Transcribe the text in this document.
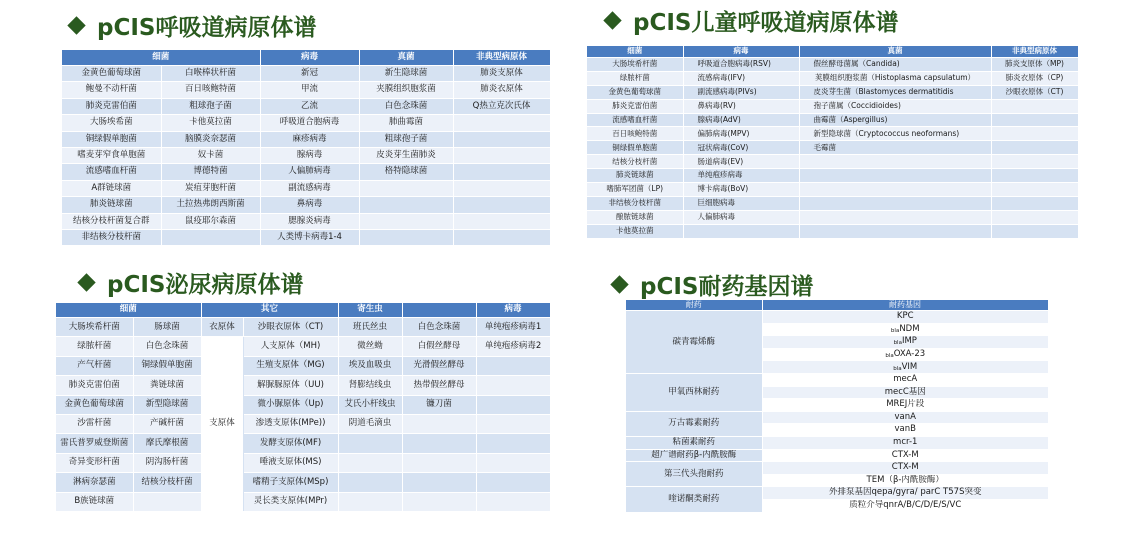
pCIS呼吸道病原体谱
细菌		病毒	真菌	非典型病原体
金黄色葡萄球菌	白喉棒状杆菌	新冠	新生隐球菌	肺炎支原体
鲍曼不动杆菌	百日咳鲍特菌	甲流	夹膜组织胞浆菌	肺炎衣原体
肺炎克雷伯菌	粗球孢子菌	乙流	白色念珠菌	Q热立克次氏体
大肠埃希菌	卡他莫拉菌	呼吸道合胞病毒	肺曲霉菌	
铜绿假单胞菌	脑膜炎奈瑟菌	麻疹病毒	粗球孢子菌	
嗜麦芽窄食单胞菌	奴卡菌	腺病毒	皮炎芽生菌肺炎	
流感嗜血杆菌	博德特菌	人偏肺病毒	格特隐球菌	
A群链球菌	炭疽芽胞杆菌	副流感病毒		
肺炎链球菌	土拉热弗朗西斯菌	鼻病毒		
结核分枝杆菌复合群	鼠疫耶尔森菌	腮腺炎病毒		
非结核分枝杆菌		人类博卡病毒1-4		
pCIS儿童呼吸道病原体谱
细菌	病毒	真菌	非典型病原体
大肠埃希杆菌	呼吸道合胞病毒(RSV)	假丝酵母菌属（Candida)	肺炎支原体（MP)
绿脓杆菌	流感病毒(IFV)	荚膜组织胞浆菌（Histoplasma capsulatum）	肺炎衣原体（CP)
金黄色葡萄球菌	副流感病毒(PIVs)	皮炎芽生菌（Blastomyces dermatitidis	沙眼衣原体（CT)
肺炎克雷伯菌	鼻病毒(RV)	孢子菌属（Coccidioides)	
流感嗜血杆菌	腺病毒(AdV)	曲霉菌（Aspergillus)	
百日咳鲍特菌	偏肺病毒(MPV)	新型隐球菌（Cryptococcus neoformans)	
铜绿假单胞菌	冠状病毒(CoV)	毛霉菌	
结核分枝杆菌	肠道病毒(EV)		
肺炎链球菌	单纯疱疹病毒		
嗜肺军团菌（LP)	博卡病毒(BoV)		
非结核分枝杆菌	巨细胞病毒		
酿脓链球菌	人偏肺病毒		
卡他莫拉菌			
pCIS泌尿病原体谱
细菌		其它		寄生虫		病毒
大肠埃希杆菌	肠球菌	衣原体	沙眼衣原体（CT)	班氏丝虫	白色念珠菌	单纯疱疹病毒1
绿脓杆菌	白色念珠菌	支原体	人支原体（MH)	微丝蚴	白假丝酵母	单纯疱疹病毒2
产气杆菌	铜绿假单胞菌		生殖支原体（MG)	埃及血吸虫	光滑假丝酵母	
肺炎克雷伯菌	粪链球菌		解脲脲原体（UU)	肾膨结线虫	热带假丝酵母	
金黄色葡萄球菌	新型隐球菌		微小脲原体（Up)	艾氏小杆线虫	镰刀菌	
沙雷杆菌	产碱杆菌		渗透支原体(MPe))	阴道毛滴虫		
雷氏普罗威登斯菌	摩氏摩根菌		发酵支原体(MF)			
奇异变形杆菌	阴沟肠杆菌		唾液支原体(MS)			
淋病奈瑟菌	结核分枝杆菌		嗜精子支原体(MSp)			
B族链球菌			灵长类支原体(MPr)			
pCIS耐药基因谱
耐药	耐药基因
碳青霉烯酶	KPC
	$_{bla}$NDM
	$_{bla}$IMP
	$_{bla}$OXA-23
	$_{bla}$VIM
甲氧西林耐药	mecA
	mecC基因
	MREJ片段
万古霉素耐药	vanA
	vanB
粘菌素耐药	mcr-1
超广谱耐药β-内酰胺酶	CTX-M
第三代头孢耐药	CTX-M
	TEM（β-内酰胺酶）
喹诺酮类耐药	外排泵基因qepa/gyra/ parC T57S突变
	质粒介导qnrA/B/C/D/E/S/VC
